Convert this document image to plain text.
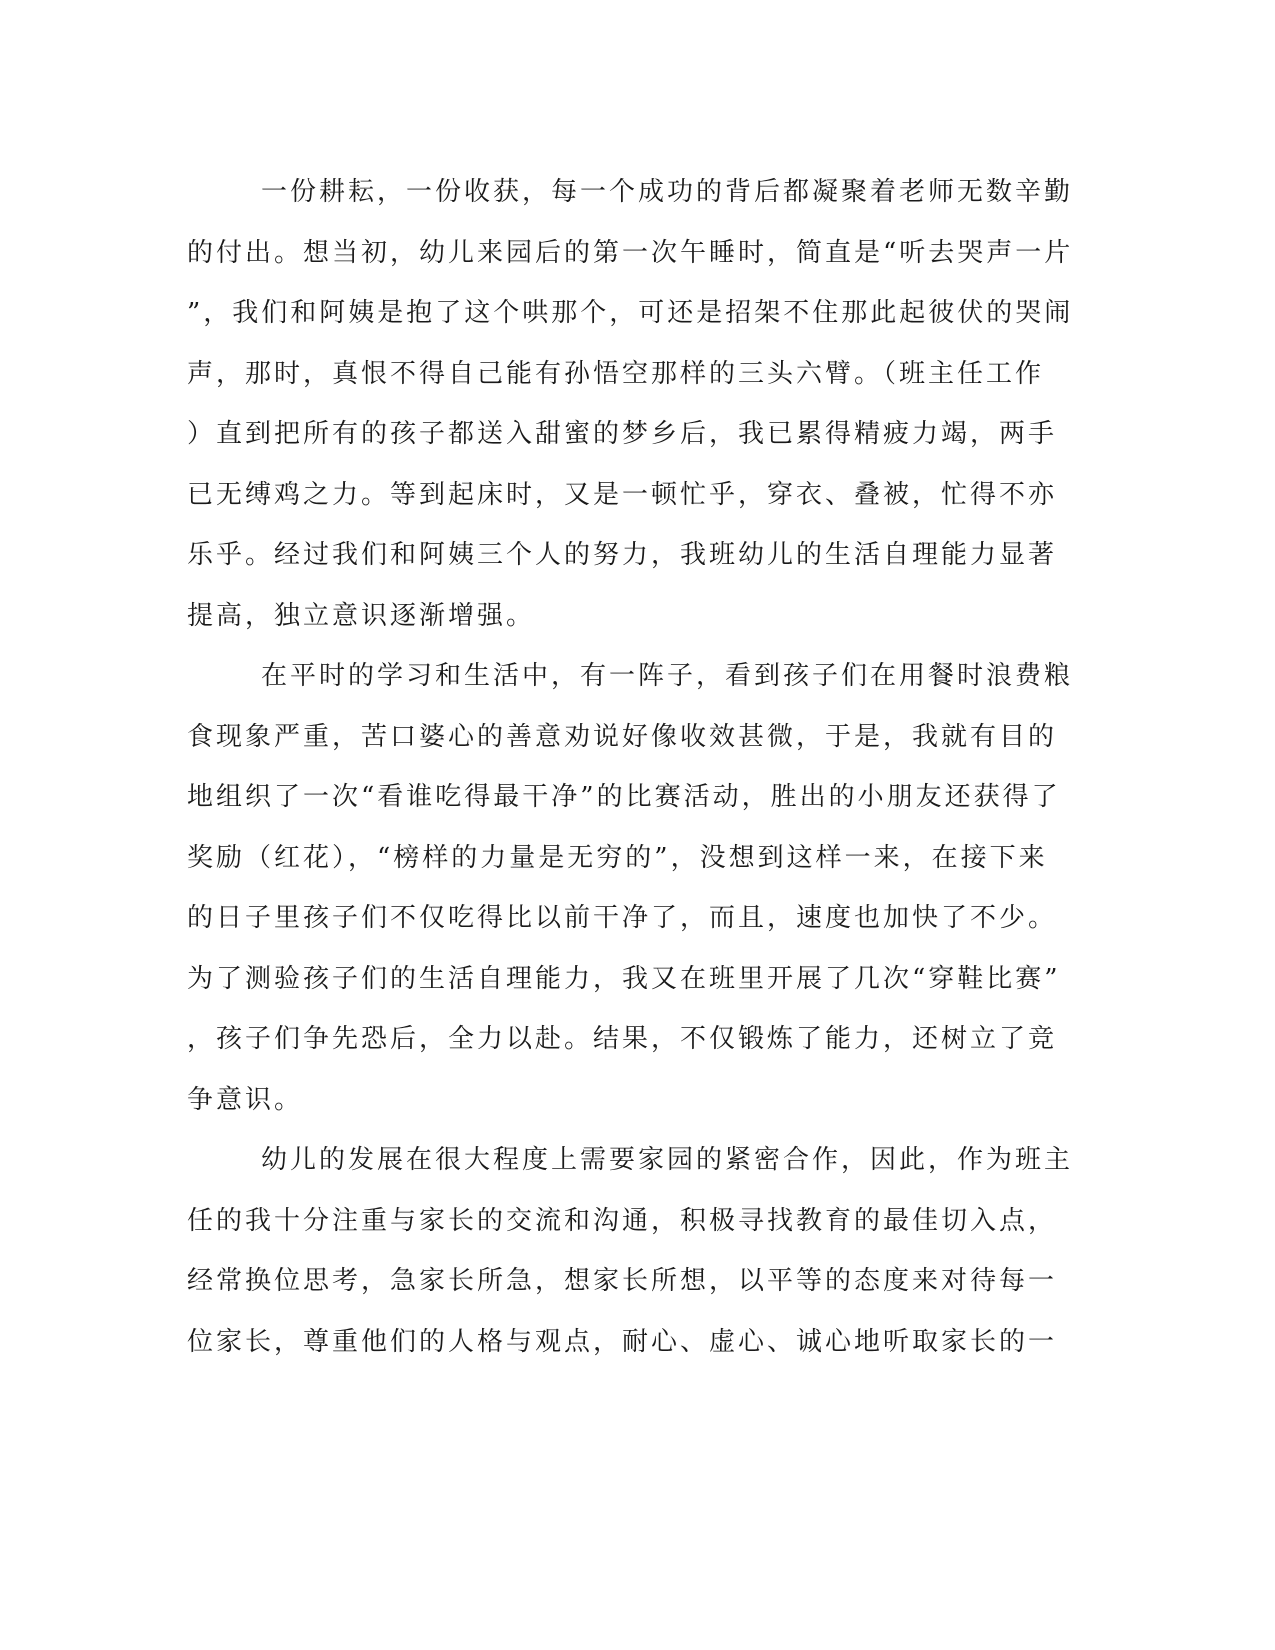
一份耕耘，一份收获，每一个成功的背后都凝聚着老师无数辛勤
的付出。想当初，幼儿来园后的第一次午睡时，简直是“听去哭声一片
”，我们和阿姨是抱了这个哄那个，可还是招架不住那此起彼伏的哭闹
声，那时，真恨不得自己能有孙悟空那样的三头六臂。（班主任工作
）直到把所有的孩子都送入甜蜜的梦乡后，我已累得精疲力竭，两手
已无缚鸡之力。等到起床时，又是一顿忙乎，穿衣、叠被，忙得不亦
乐乎。经过我们和阿姨三个人的努力，我班幼儿的生活自理能力显著
提高，独立意识逐渐增强。
在平时的学习和生活中，有一阵子，看到孩子们在用餐时浪费粮
食现象严重，苦口婆心的善意劝说好像收效甚微，于是，我就有目的
地组织了一次“看谁吃得最干净”的比赛活动，胜出的小朋友还获得了
奖励（红花），“榜样的力量是无穷的”，没想到这样一来，在接下来
的日子里孩子们不仅吃得比以前干净了，而且，速度也加快了不少。
为了测验孩子们的生活自理能力，我又在班里开展了几次“穿鞋比赛”
，孩子们争先恐后，全力以赴。结果，不仅锻炼了能力，还树立了竞
争意识。
幼儿的发展在很大程度上需要家园的紧密合作，因此，作为班主
任的我十分注重与家长的交流和沟通，积极寻找教育的最佳切入点，
经常换位思考，急家长所急，想家长所想，以平等的态度来对待每一
位家长，尊重他们的人格与观点，耐心、虚心、诚心地听取家长的一
